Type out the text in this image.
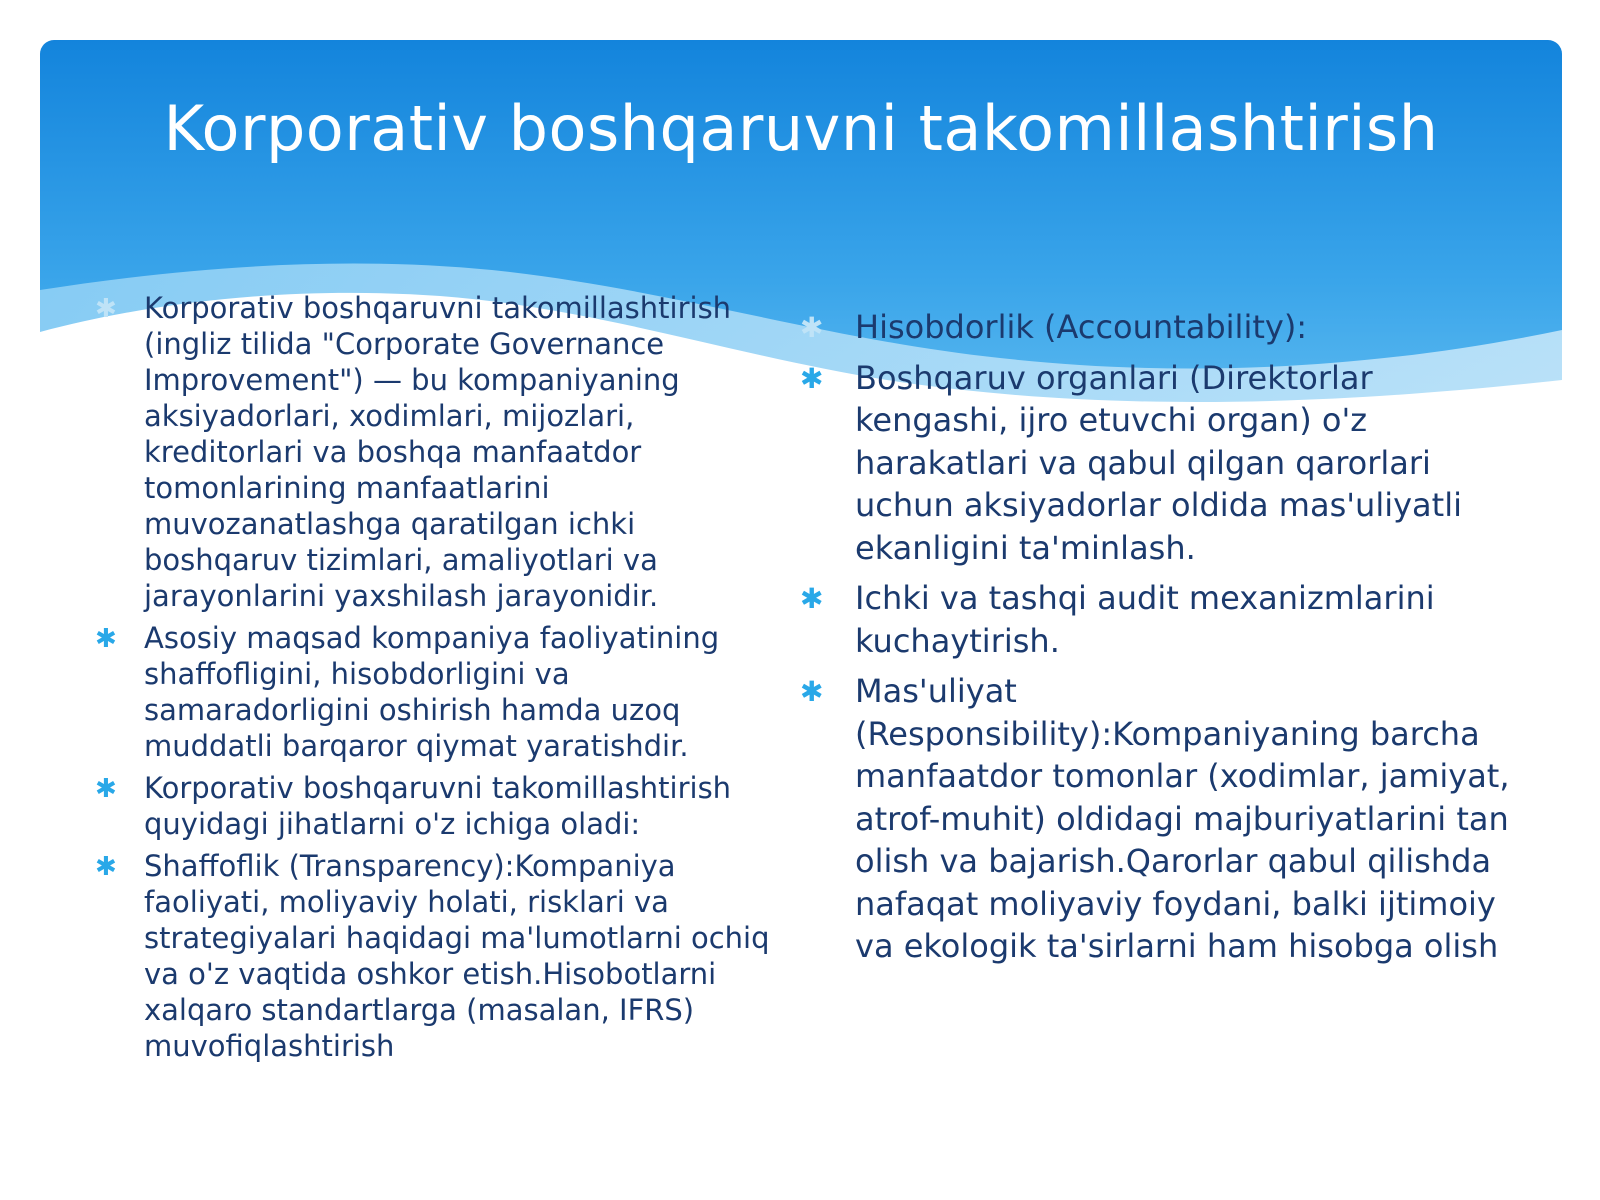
Korporativ boshqaruvni takomillashtirish
✱ Korporativ boshqaruvni takomillashtirish (ingliz tilida "Corporate Governance Improvement") — bu kompaniyaning aksiyadorlari, xodimlari, mijozlari, kreditorlari va boshqa manfaatdor tomonlarining manfaatlarini muvozanatlashga qaratilgan ichki boshqaruv tizimlari, amaliyotlari va jarayonlarini yaxshilash jarayonidir.
✱ Asosiy maqsad kompaniya faoliyatining shaffofligini, hisobdorligini va samaradorligini oshirish hamda uzoq muddatli barqaror qiymat yaratishdir.
✱ Korporativ boshqaruvni takomillashtirish quyidagi jihatlarni o'z ichiga oladi:
✱ Shaffoflik (Transparency):Kompaniya faoliyati, moliyaviy holati, risklari va strategiyalari haqidagi ma'lumotlarni ochiq va o'z vaqtida oshkor etish.Hisobotlarni xalqaro standartlarga (masalan, IFRS) muvofiqlashtirish
✱ Hisobdorlik (Accountability):
✱ Boshqaruv organlari (Direktorlar kengashi, ijro etuvchi organ) o'z harakatlari va qabul qilgan qarorlari uchun aksiyadorlar oldida mas'uliyatli ekanligini ta'minlash.
✱ Ichki va tashqi audit mexanizmlarini kuchaytirish.
✱ Mas'uliyat (Responsibility):Kompaniyaning barcha manfaatdor tomonlar (xodimlar, jamiyat, atrof-muhit) oldidagi majburiyatlarini tan olish va bajarish.Qarorlar qabul qilishda nafaqat moliyaviy foydani, balki ijtimoiy va ekologik ta'sirlarni ham hisobga olish
